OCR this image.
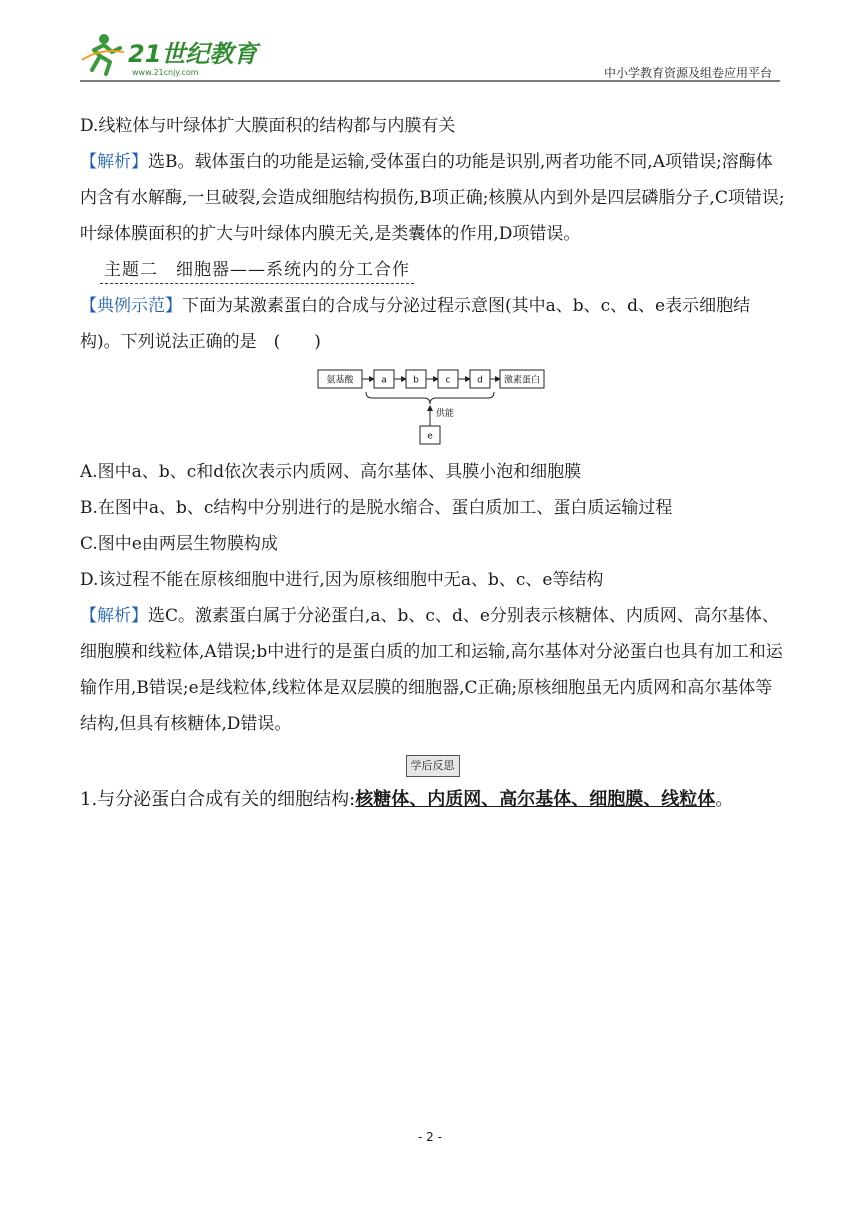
21世纪教育
www.21cnjy.com	中小学教育资源及组卷应用平台

D.线粒体与叶绿体扩大膜面积的结构都与内膜有关

【解析】选B。载体蛋白的功能是运输,受体蛋白的功能是识别,两者功能不同,A项错误;溶酶体内含有水解酶,一旦破裂,会造成细胞结构损伤,B项正确;核膜从内到外是四层磷脂分子,C项错误;叶绿体膜面积的扩大与叶绿体内膜无关,是类囊体的作用,D项错误。

主题二　细胞器——系统内的分工合作

【典例示范】下面为某激素蛋白的合成与分泌过程示意图(其中a、b、c、d、e表示细胞结构)。下列说法正确的是　(　　)

氨基酸	a	b	c	d 激素蛋白
供能
e

A.图中a、b、c和d依次表示内质网、高尔基体、具膜小泡和细胞膜

B.在图中a、b、c结构中分别进行的是脱水缩合、蛋白质加工、蛋白质运输过程

C.图中e由两层生物膜构成

D.该过程不能在原核细胞中进行,因为原核细胞中无a、b、c、e等结构

【解析】选C。激素蛋白属于分泌蛋白,a、b、c、d、e分别表示核糖体、内质网、高尔基体、细胞膜和线粒体,A错误;b中进行的是蛋白质的加工和运输,高尔基体对分泌蛋白也具有加工和运输作用,B错误;e是线粒体,线粒体是双层膜的细胞器,C正确;原核细胞虽无内质网和高尔基体等结构,但具有核糖体,D错误。

学后反思

1.与分泌蛋白合成有关的细胞结构:核糖体、内质网、高尔基体、细胞膜、线粒体。

- 2 -
